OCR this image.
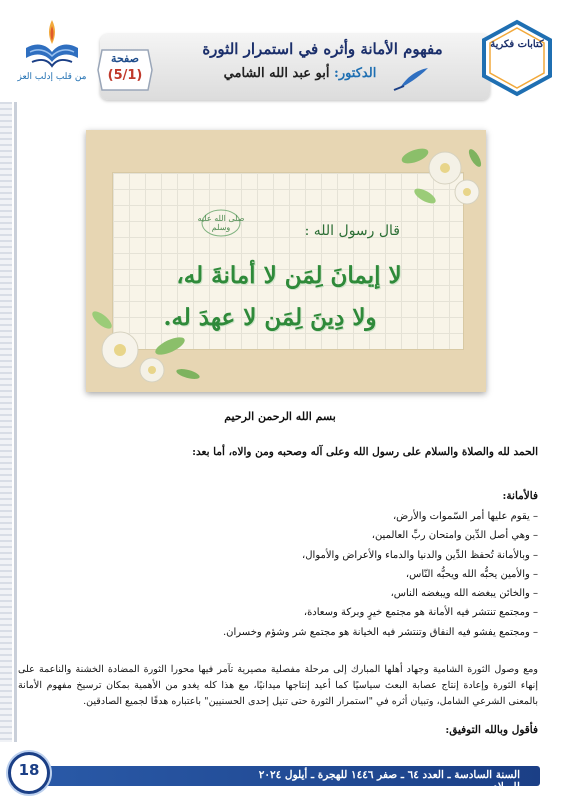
من قلب إدلب العز
صفحة
(5/1)
مفهوم الأمانة وأثره في استمرار الثورة
الدكتور: أبو عبد الله الشامي
كتابات فكرية
صلى الله عليه وسلم	قال رسول الله :
لا إيمانَ لِمَن لا أمانةَ له،
ولا دِينَ لِمَن لا عهدَ له.
بسم الله الرحمن الرحيم
الحمد لله والصلاة والسلام على رسول الله وعلى آله وصحبه ومن والاه، أما بعد:
فالأمانة:
– يقوم عليها أمر السّموات والأرض،
– وهي أصل الدِّين وامتحان ربِّ العالمين،
– وبالأمانة تُحفظ الدِّين والدنيا والدماء والأعراض والأموال،
– والأمين يحبُّه الله ويحبُّه النّاس،
– والخائن يبغضه الله ويبغضه الناس،
– ومجتمع تنتشر فيه الأمانة هو مجتمع خيرٍ وبركة وسعادة،
– ومجتمع يفشو فيه النفاق وتنتشر فيه الخيانة هو مجتمع شر وشؤم وخسران.
ومع وصول الثورة الشامية وجهاد أهلها المبارك إلى مرحلة مفصلية مصيرية تآمر فيها محورا الثورة المضادة الخشنة والناعمة على إنهاء الثورة وإعادة إنتاج عصابة البعث سياسيًا كما أعيد إنتاجها ميدانيًا، مع هذا كله يغدو من الأهمية بمكان ترسيخ مفهوم الأمانة بالمعنى الشرعي الشامل، وتبيان أثره في "استمرار الثورة حتى تنيل إحدى الحسنيين" باعتباره هدفًا لجميع الصادقين.
فأقول وبالله التوفيق:
السنة السادسة ـ العدد ٦٤ ـ صفر ١٤٤٦ للهجرة ـ أيلول ٢٠٢٤ للميلاد
18
